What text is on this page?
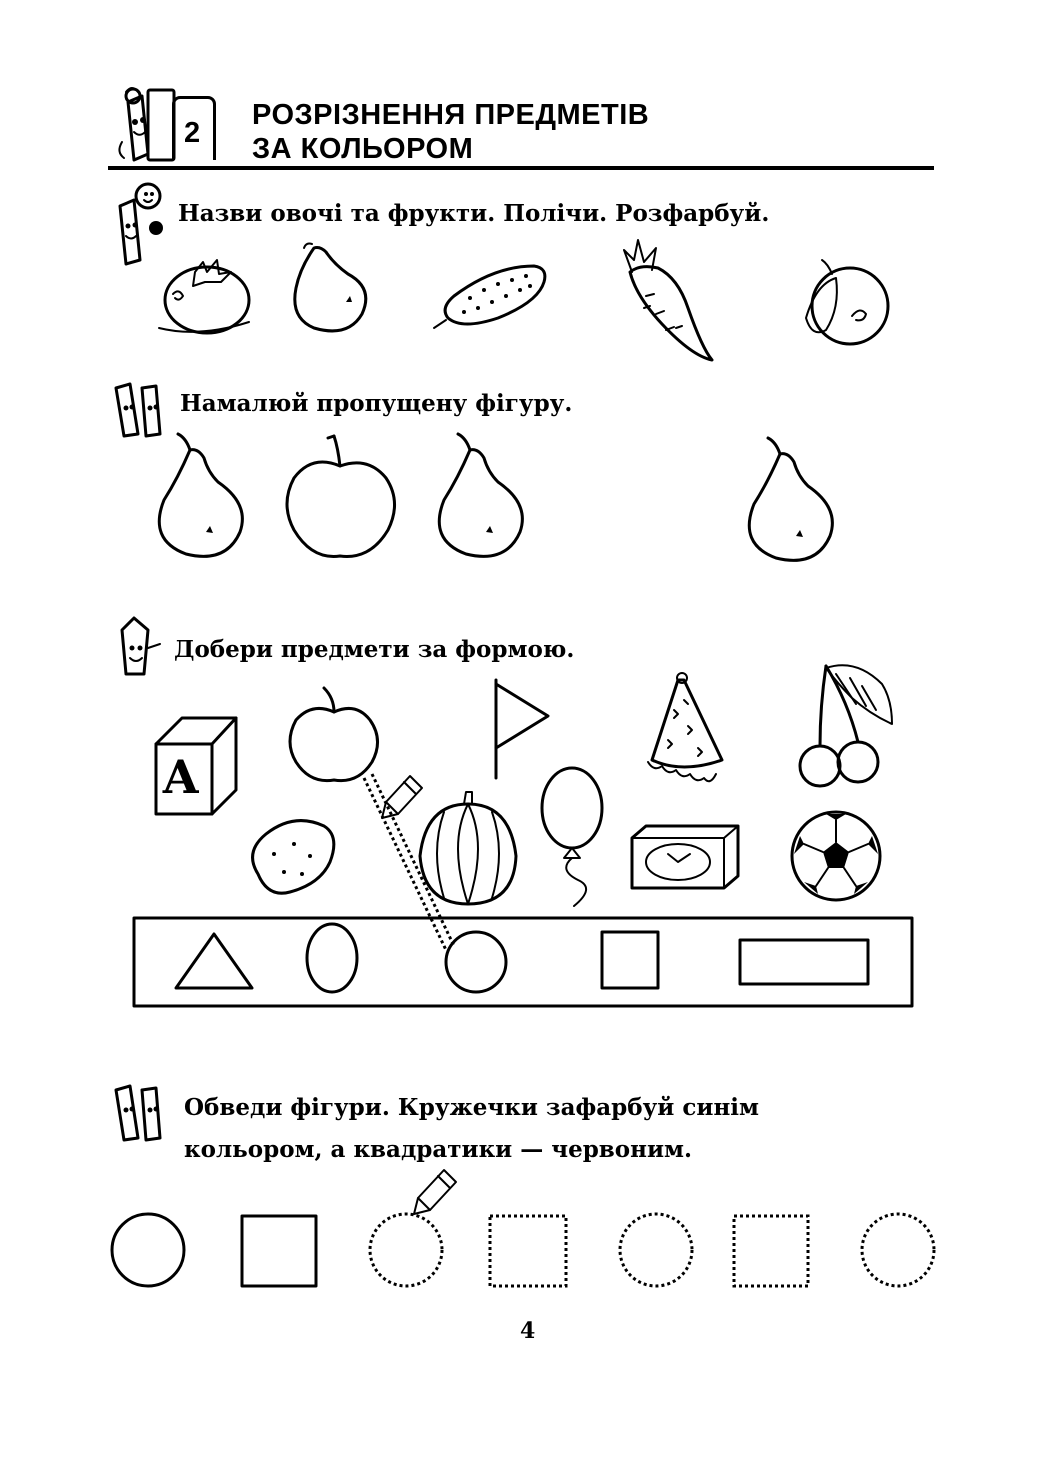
2
РОЗРІЗНЕННЯ ПРЕДМЕТІВ
ЗА КОЛЬОРОМ
Назви овочі та фрукти. Полічи. Розфарбуй.
Намалюй пропущену фігуру.
Добери предмети за формою.
А
Обведи фігури. Кружечки зафарбуй синім
кольором, а квадратики — червоним.
4
